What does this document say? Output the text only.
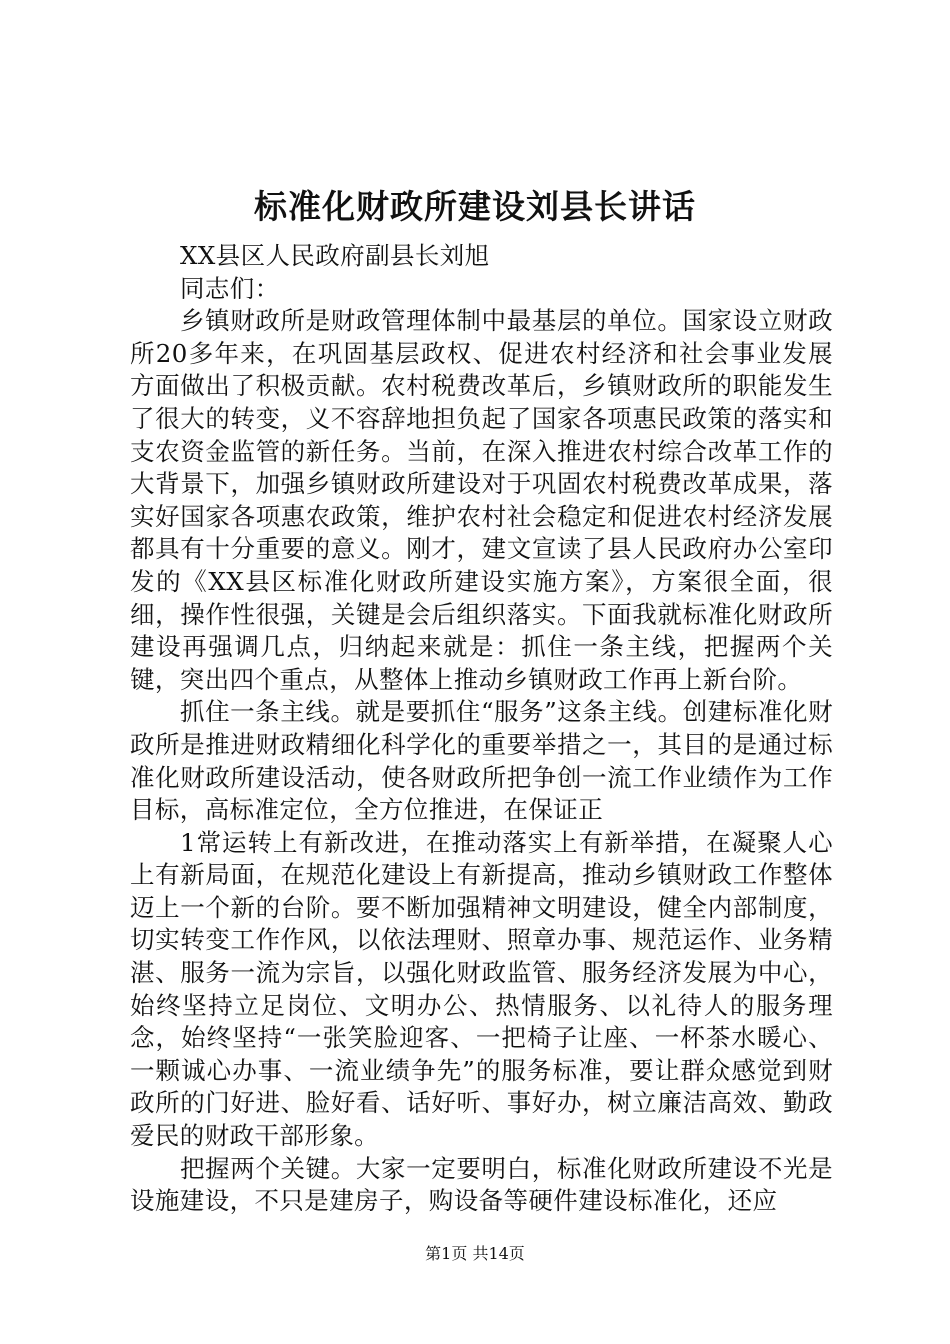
标准化财政所建设刘县长讲话

XX县区人民政府副县长刘旭

同志们：

乡镇财政所是财政管理体制中最基层的单位。国家设立财政所20多年来，在巩固基层政权、促进农村经济和社会事业发展方面做出了积极贡献。农村税费改革后，乡镇财政所的职能发生了很大的转变，义不容辞地担负起了国家各项惠民政策的落实和支农资金监管的新任务。当前，在深入推进农村综合改革工作的大背景下，加强乡镇财政所建设对于巩固农村税费改革成果，落实好国家各项惠农政策，维护农村社会稳定和促进农村经济发展都具有十分重要的意义。刚才，建文宣读了县人民政府办公室印发的《XX县区标准化财政所建设实施方案》，方案很全面，很细，操作性很强，关键是会后组织落实。下面我就标准化财政所建设再强调几点，归纳起来就是：抓住一条主线，把握两个关键，突出四个重点，从整体上推动乡镇财政工作再上新台阶。

抓住一条主线。就是要抓住“服务”这条主线。创建标准化财政所是推进财政精细化科学化的重要举措之一，其目的是通过标准化财政所建设活动，使各财政所把争创一流工作业绩作为工作目标，高标准定位，全方位推进，在保证正

1常运转上有新改进，在推动落实上有新举措，在凝聚人心上有新局面，在规范化建设上有新提高，推动乡镇财政工作整体迈上一个新的台阶。要不断加强精神文明建设，健全内部制度，切实转变工作作风，以依法理财、照章办事、规范运作、业务精湛、服务一流为宗旨，以强化财政监管、服务经济发展为中心，始终坚持立足岗位、文明办公、热情服务、以礼待人的服务理念，始终坚持“一张笑脸迎客、一把椅子让座、一杯茶水暖心、一颗诚心办事、一流业绩争先”的服务标准，要让群众感觉到财政所的门好进、脸好看、话好听、事好办，树立廉洁高效、勤政爱民的财政干部形象。

把握两个关键。大家一定要明白，标准化财政所建设不光是设施建设，不只是建房子，购设备等硬件建设标准化，还应

第1页 共14页
